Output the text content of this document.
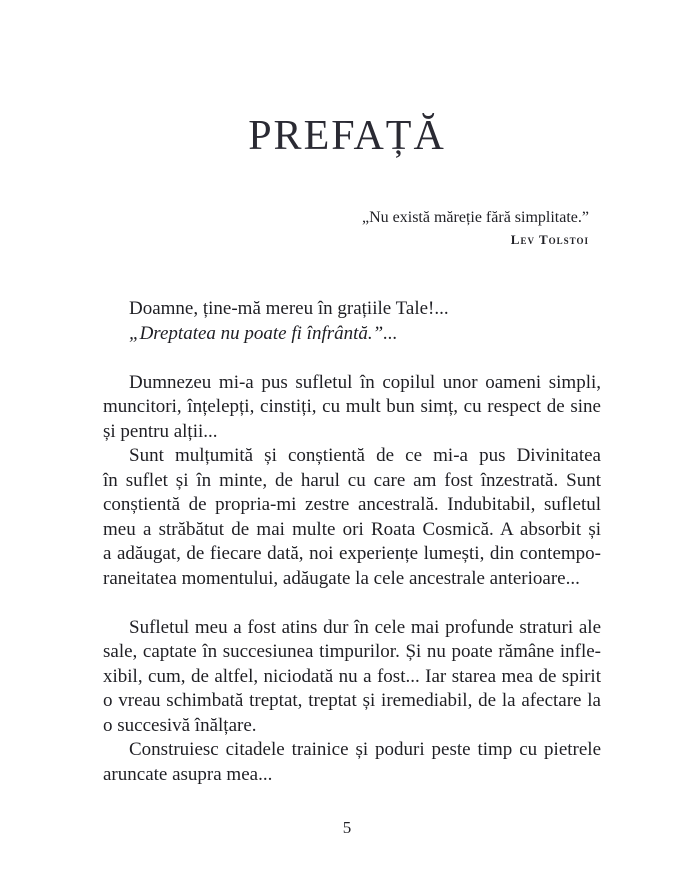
PREFAȚĂ
„Nu există măreție fără simplitate.”
Lev Tolstoi

Doamne, ține-mă mereu în grațiile Tale!...

„Dreptatea nu poate fi înfrântă.”...

Dumnezeu mi-a pus sufletul în copilul unor oameni simpli,

muncitori, înțelepți, cinstiți, cu mult bun simț, cu respect de sine
și pentru alții...

Sunt mulțumită și conștientă de ce mi-a pus Divinitatea

în suflet și în minte, de harul cu care am fost înzestrată. Sunt
conștientă de propria-mi zestre ancestrală. Indubitabil, sufletul
meu a străbătut de mai multe ori Roata Cosmică. A absorbit și
a adăugat, de fiecare dată, noi experiențe lumești, din contempo-
raneitatea momentului, adăugate la cele ancestrale anterioare...

Sufletul meu a fost atins dur în cele mai profunde straturi ale

sale, captate în succesiunea timpurilor. Și nu poate rămâne infle-
xibil, cum, de altfel, niciodată nu a fost... Iar starea mea de spirit
o vreau schimbată treptat, treptat și iremediabil, de la afectare la
o succesivă înălțare.

Construiesc citadele trainice și poduri peste timp cu pietrele

aruncate asupra mea...
5
